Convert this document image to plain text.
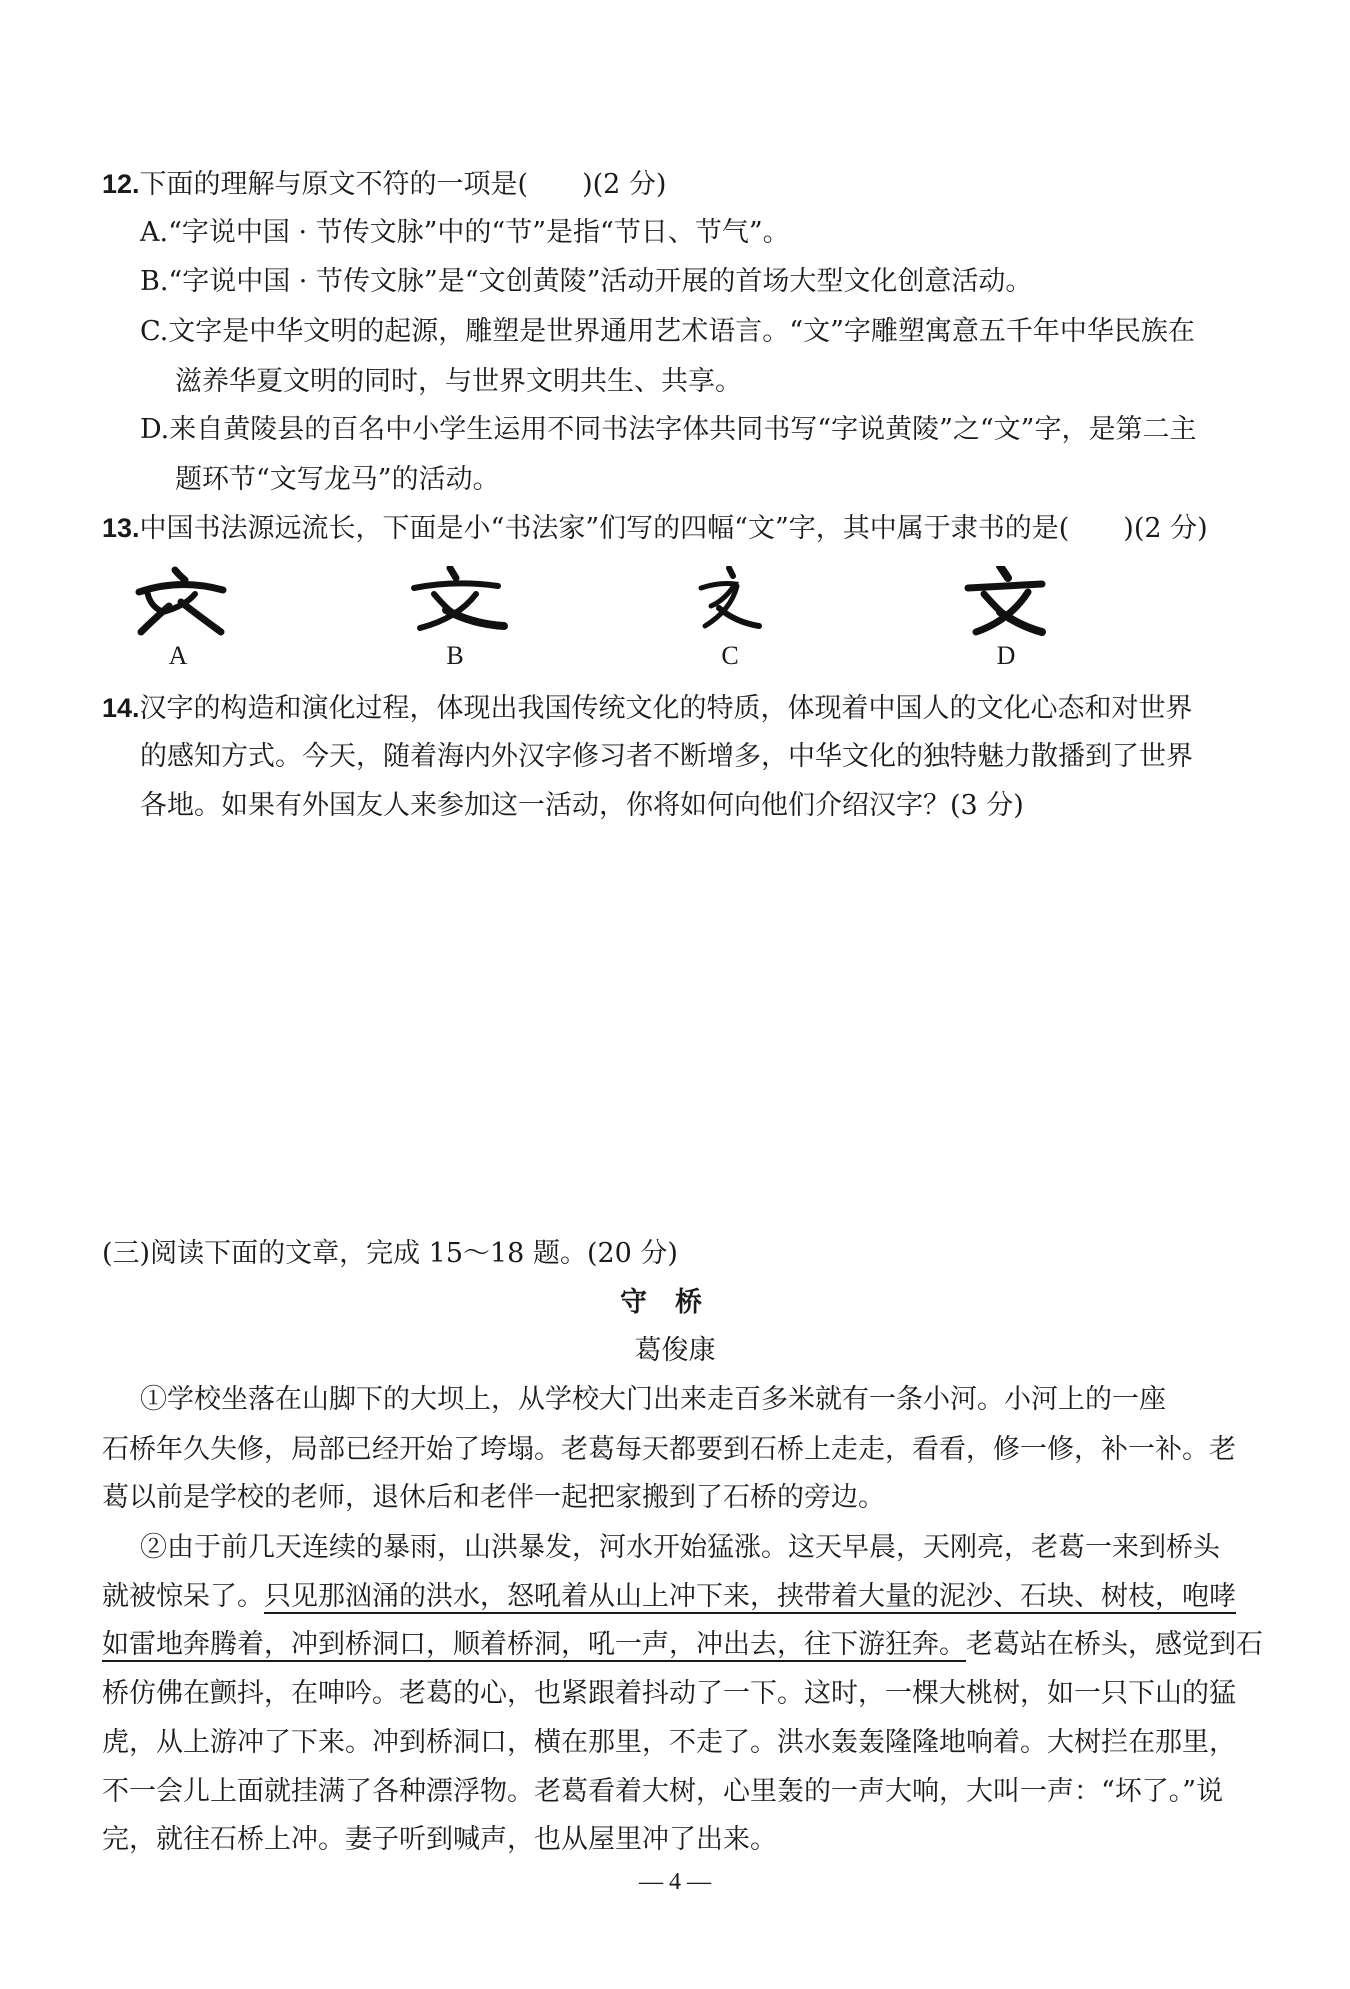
12.下面的理解与原文不符的一项是(　　)(2 分)
A.“字说中国 · 节传文脉”中的“节”是指“节日、节气”。
B.“字说中国 · 节传文脉”是“文创黄陵”活动开展的首场大型文化创意活动。
C.文字是中华文明的起源，雕塑是世界通用艺术语言。“文”字雕塑寓意五千年中华民族在
滋养华夏文明的同时，与世界文明共生、共享。
D.来自黄陵县的百名中小学生运用不同书法字体共同书写“字说黄陵”之“文”字，是第二主
题环节“文写龙马”的活动。
13.中国书法源远流长，下面是小“书法家”们写的四幅“文”字，其中属于隶书的是(　　)(2 分)
A	B	C	D
14.汉字的构造和演化过程，体现出我国传统文化的特质，体现着中国人的文化心态和对世界
的感知方式。今天，随着海内外汉字修习者不断增多，中华文化的独特魅力散播到了世界
各地。如果有外国友人来参加这一活动，你将如何向他们介绍汉字？(3 分)
(三)阅读下面的文章，完成 15～18 题。(20 分)
守桥
葛俊康
①学校坐落在山脚下的大坝上，从学校大门出来走百多米就有一条小河。小河上的一座
石桥年久失修，局部已经开始了垮塌。老葛每天都要到石桥上走走，看看，修一修，补一补。老
葛以前是学校的老师，退休后和老伴一起把家搬到了石桥的旁边。
②由于前几天连续的暴雨，山洪暴发，河水开始猛涨。这天早晨，天刚亮，老葛一来到桥头
就被惊呆了。只见那汹涌的洪水，怒吼着从山上冲下来，挟带着大量的泥沙、石块、树枝，咆哮
如雷地奔腾着，冲到桥洞口，顺着桥洞，吼一声，冲出去，往下游狂奔。老葛站在桥头，感觉到石
桥仿佛在颤抖，在呻吟。老葛的心，也紧跟着抖动了一下。这时，一棵大桃树，如一只下山的猛
虎，从上游冲了下来。冲到桥洞口，横在那里，不走了。洪水轰轰隆隆地响着。大树拦在那里，
不一会儿上面就挂满了各种漂浮物。老葛看着大树，心里轰的一声大响，大叫一声：“坏了。”说
完，就往石桥上冲。妻子听到喊声，也从屋里冲了出来。
— 4 —
